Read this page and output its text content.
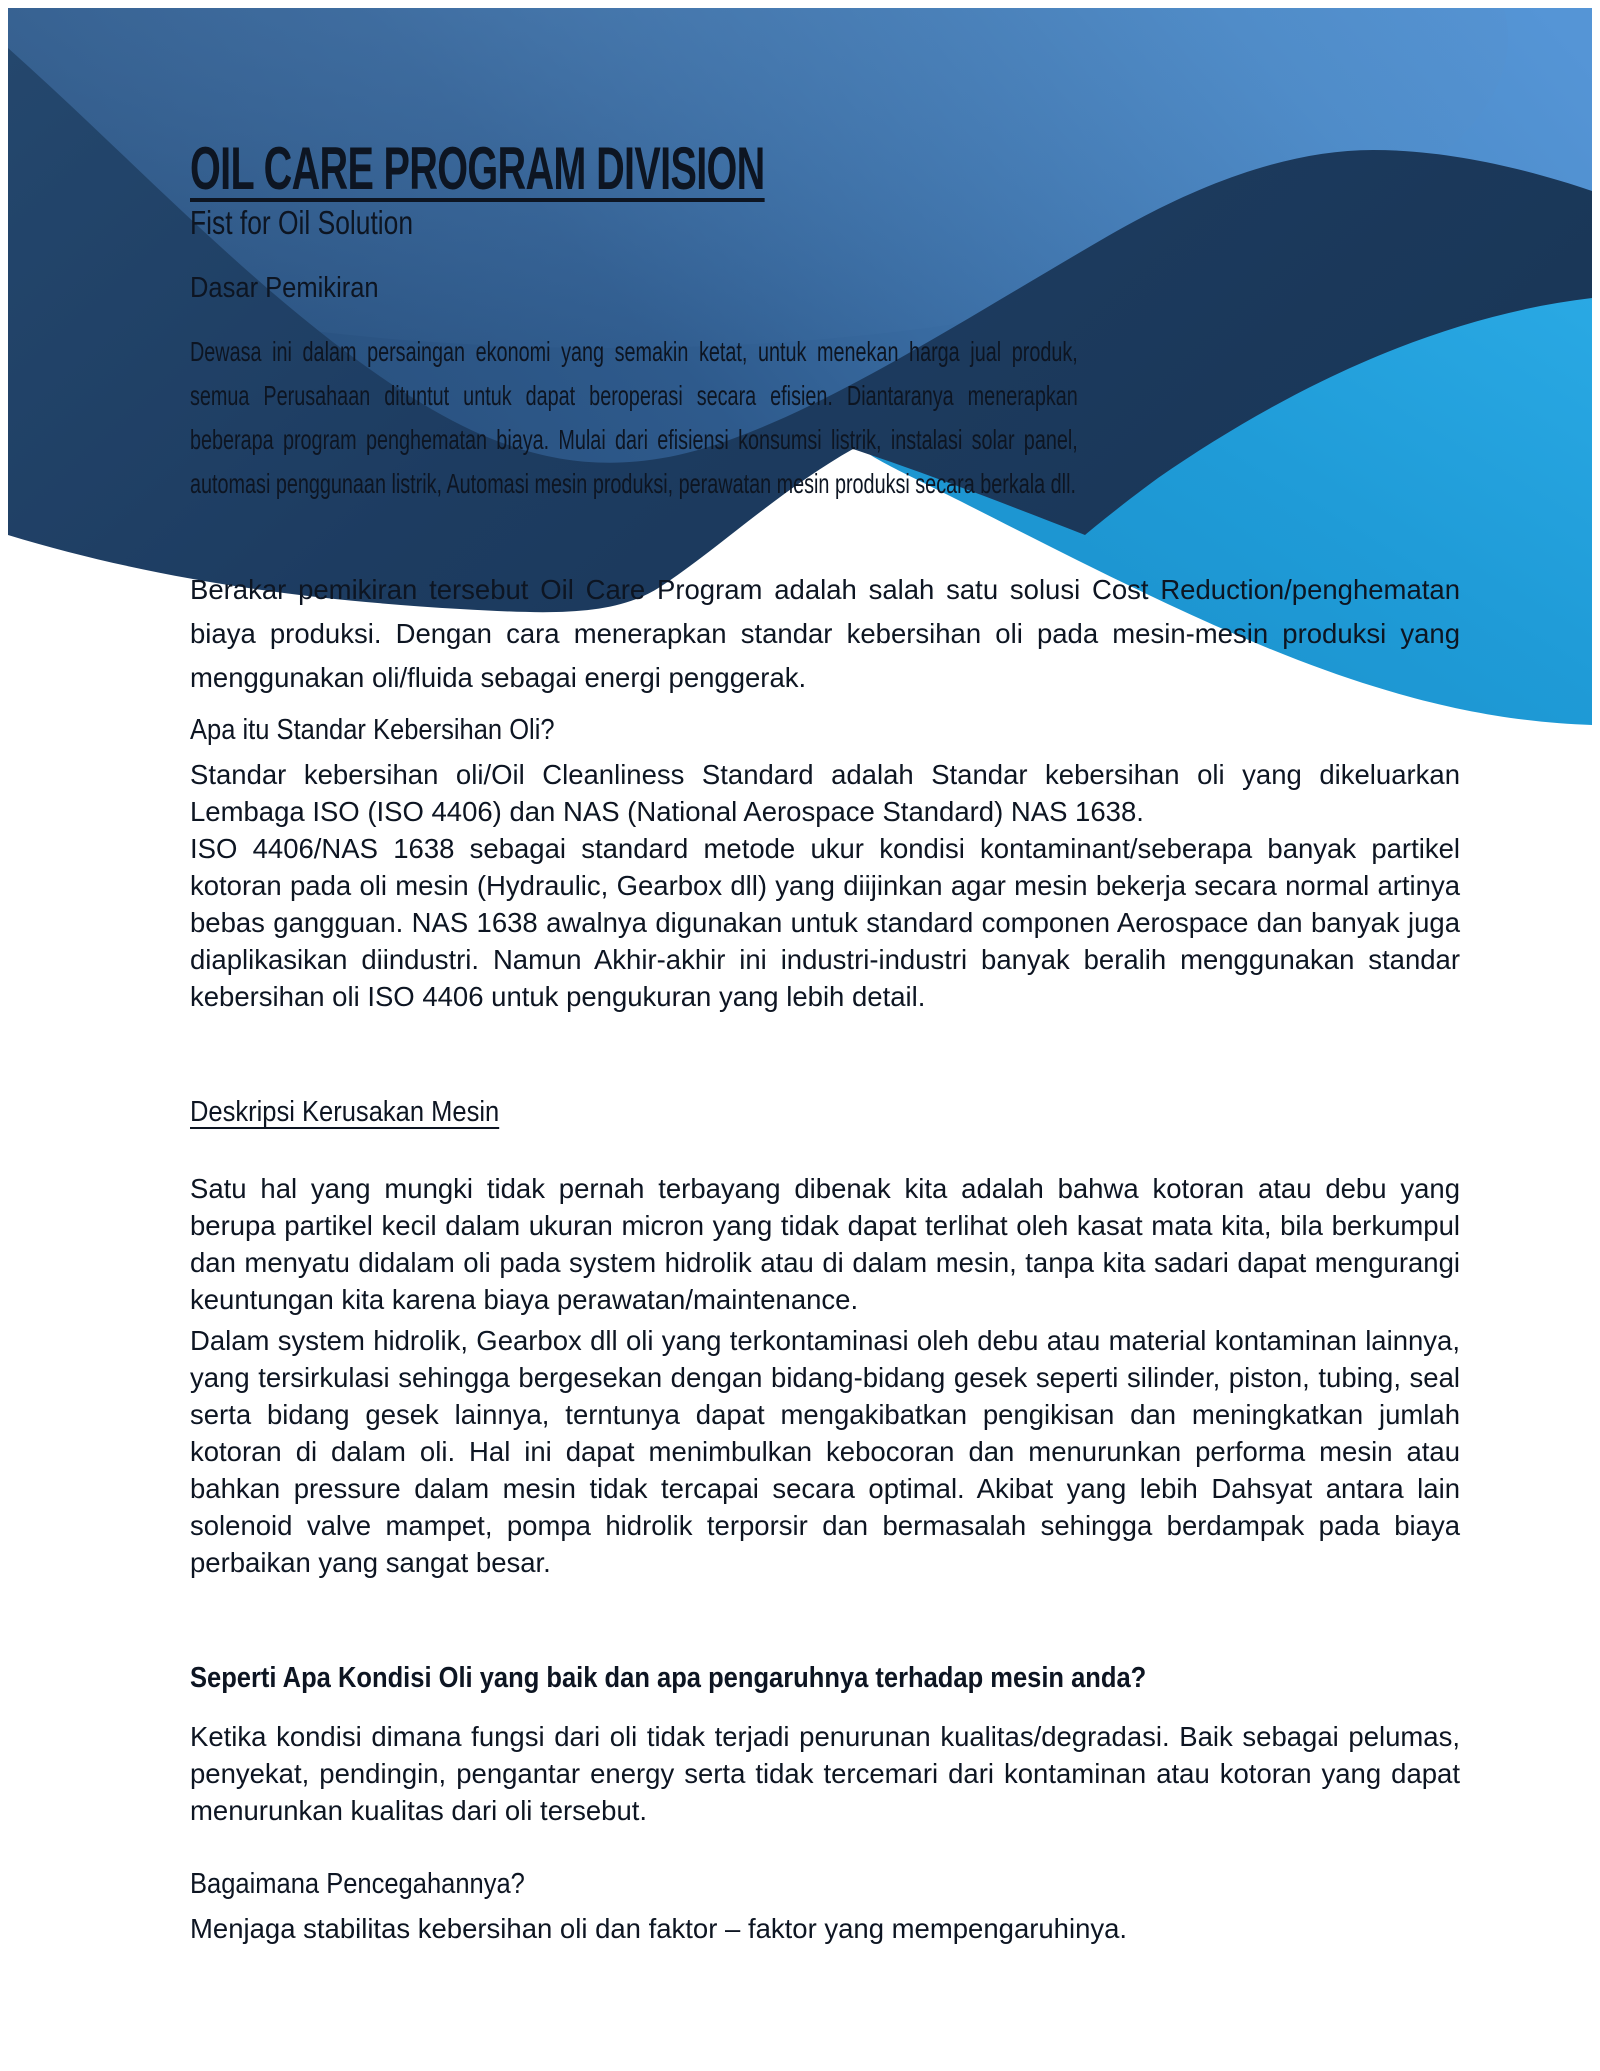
OIL CARE PROGRAM DIVISION
Fist for Oil Solution
Dasar Pemikiran

Dewasa ini dalam persaingan ekonomi yang semakin ketat, untuk menekan harga jual produk, semua Perusahaan dituntut untuk dapat beroperasi secara efisien. Diantaranya menerapkan beberapa program penghematan biaya. Mulai dari efisiensi konsumsi listrik, instalasi solar panel, automasi penggunaan listrik, Automasi mesin produksi, perawatan mesin produksi secara berkala dll.

Berakar pemikiran tersebut Oil Care Program adalah salah satu solusi Cost Reduction/penghematan biaya produksi. Dengan cara menerapkan standar kebersihan oli pada mesin-mesin produksi yang menggunakan oli/fluida sebagai energi penggerak.

Apa itu Standar Kebersihan Oli?

Standar kebersihan oli/Oil Cleanliness Standard adalah Standar kebersihan oli yang dikeluarkan Lembaga ISO (ISO 4406) dan NAS (National Aerospace Standard) NAS 1638.

ISO 4406/NAS 1638 sebagai standard metode ukur kondisi kontaminant/seberapa banyak partikel kotoran pada oli mesin (Hydraulic, Gearbox dll) yang diijinkan agar mesin bekerja secara normal artinya bebas gangguan. NAS 1638 awalnya digunakan untuk standard componen Aerospace dan banyak juga diaplikasikan diindustri. Namun Akhir-akhir ini industri-industri banyak beralih menggunakan standar kebersihan oli ISO 4406 untuk pengukuran yang lebih detail.

Deskripsi Kerusakan Mesin

Satu hal yang mungki tidak pernah terbayang dibenak kita adalah bahwa kotoran atau debu yang berupa partikel kecil dalam ukuran micron yang tidak dapat terlihat oleh kasat mata kita, bila berkumpul dan menyatu didalam oli pada system hidrolik atau di dalam mesin, tanpa kita sadari dapat mengurangi keuntungan kita karena biaya perawatan/maintenance.

Dalam system hidrolik, Gearbox dll oli yang terkontaminasi oleh debu atau material kontaminan lainnya, yang tersirkulasi sehingga bergesekan dengan bidang-bidang gesek seperti silinder, piston, tubing, seal serta bidang gesek lainnya, terntunya dapat mengakibatkan pengikisan dan meningkatkan jumlah kotoran di dalam oli. Hal ini dapat menimbulkan kebocoran dan menurunkan performa mesin atau bahkan pressure dalam mesin tidak tercapai secara optimal. Akibat yang lebih Dahsyat antara lain solenoid valve mampet, pompa hidrolik terporsir dan bermasalah sehingga berdampak pada biaya perbaikan yang sangat besar.

Seperti Apa Kondisi Oli yang baik dan apa pengaruhnya terhadap mesin anda?

Ketika kondisi dimana fungsi dari oli tidak terjadi penurunan kualitas/degradasi. Baik sebagai pelumas, penyekat, pendingin, pengantar energy serta tidak tercemari dari kontaminan atau kotoran yang dapat menurunkan kualitas dari oli tersebut.

Bagaimana Pencegahannya?

Menjaga stabilitas kebersihan oli dan faktor – faktor yang mempengaruhinya.
